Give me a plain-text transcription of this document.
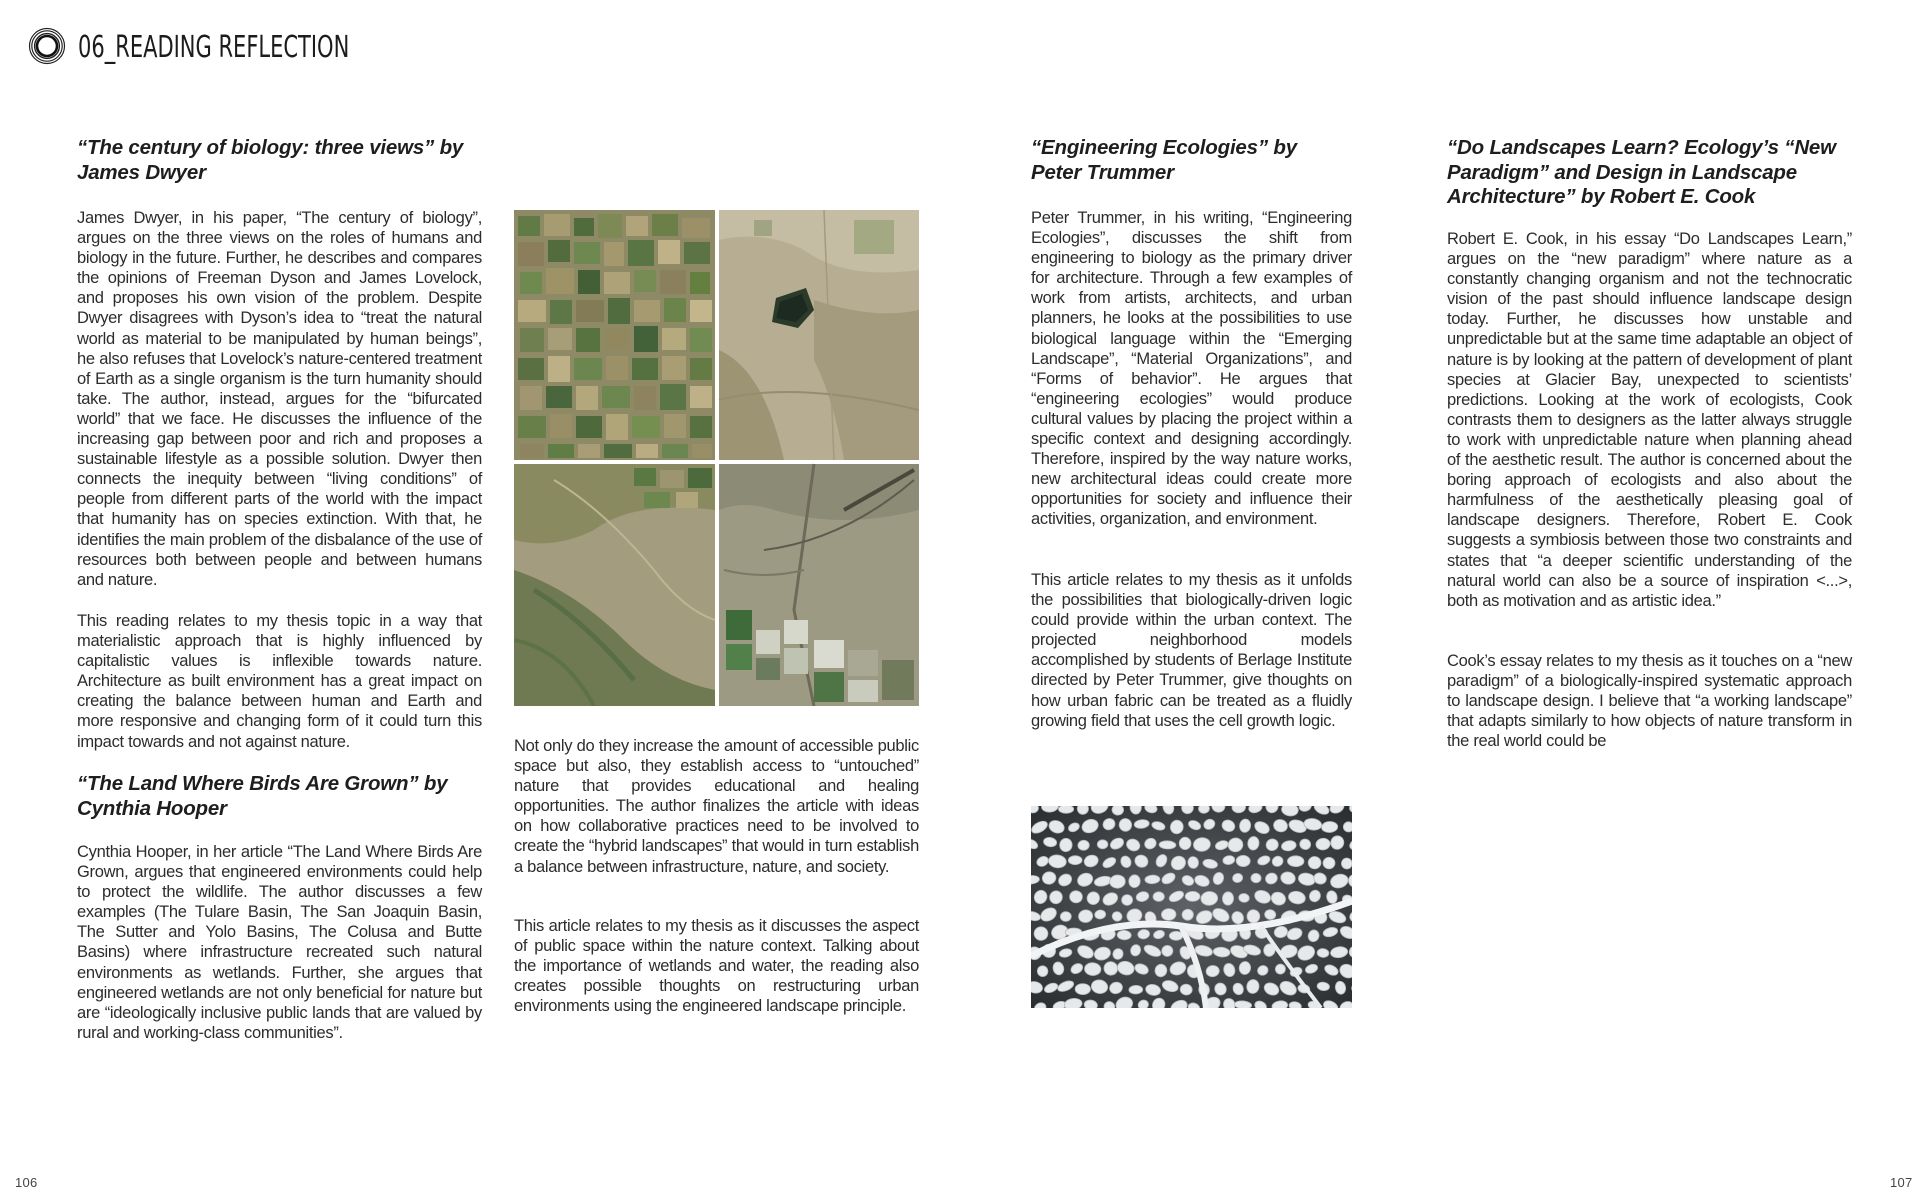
06_READING REFLECTION
“The century of biology: three views” by James Dwyer

James Dwyer, in his paper, “The century of biology”, argues on the three views on the roles of humans and biology in the future. Further, he describes and compares the opinions of Freeman Dyson and James Lovelock, and proposes his own vision of the problem. Despite Dwyer disagrees with Dyson’s idea to “treat the natural world as material to be manipulated by human beings”, he also refuses that Lovelock’s nature-centered treatment of Earth as a single organism is the turn humanity should take. The author, instead, argues for the “bifurcated world” that we face. He discusses the influence of the increasing gap between poor and rich and proposes a sustainable lifestyle as a possible solution. Dwyer then connects the inequity between “living conditions” of people from different parts of the world with the impact that humanity has on species extinction. With that, he identifies the main problem of the disbalance of the use of resources both between people and between humans and nature.

This reading relates to my thesis topic in a way that materialistic approach that is highly influenced by capitalistic values is inflexible towards nature. Architecture as built environment has a great impact on creating the balance between human and Earth and more responsive and changing form of it could turn this impact towards and not against nature.

“The Land Where Birds Are Grown” by Cynthia Hooper

Cynthia Hooper, in her article “The Land Where Birds Are Grown, argues that engineered environments could help to protect the wildlife. The author discusses a few examples (The Tulare Basin, The San Joaquin Basin, The Sutter and Yolo Basins, The Colusa and Butte Basins) where infrastructure recreated such natural environments as wetlands. Further, she argues that engineered wetlands are not only beneficial for nature but are “ideologically inclusive public lands that are valued by rural and working-class communities”.

Not only do they increase the amount of accessible public space but also, they establish access to “untouched” nature that provides educational and healing opportunities. The author finalizes the article with ideas on how collaborative practices need to be involved to create the “hybrid landscapes” that would in turn establish a balance between infrastructure, nature, and society.

This article relates to my thesis as it discusses the aspect of public space within the nature context. Talking about the importance of wetlands and water, the reading also creates possible thoughts on restructuring urban environments using the engineered landscape principle.

“Engineering Ecologies” by Peter Trummer

Peter Trummer, in his writing, “Engineering Ecologies”, discusses the shift from engineering to biology as the primary driver for architecture. Through a few examples of work from artists, architects, and urban planners, he looks at the possibilities to use biological language within the “Emerging Landscape”, “Material Organizations”, and “Forms of behavior”. He argues that “engineering ecologies” would produce cultural values by placing the project within a specific context and designing accordingly. Therefore, inspired by the way nature works, new architectural ideas could create more opportunities for society and influence their activities, organization, and environment.

This article relates to my thesis as it unfolds the possibilities that biologically-driven logic could provide within the urban context. The projected neighborhood models accomplished by students of Berlage Institute directed by Peter Trummer, give thoughts on how urban fabric can be treated as a fluidly growing field that uses the cell growth logic.

“Do Landscapes Learn? Ecology’s “New Paradigm” and Design in Landscape Architecture” by Robert E. Cook

Robert E. Cook, in his essay “Do Landscapes Learn,” argues on the “new paradigm” where nature as a constantly changing organism and not the technocratic vision of the past should influence landscape design today. Further, he discusses how unstable and unpredictable but at the same time adaptable an object of nature is by looking at the pattern of development of plant species at Glacier Bay, unexpected to scientists’ predictions. Looking at the work of ecologists, Cook contrasts them to designers as the latter always struggle to work with unpredictable nature when planning ahead of the aesthetic result. The author is concerned about the boring approach of ecologists and also about the harmfulness of the aesthetically pleasing goal of landscape designers. Therefore, Robert E. Cook suggests a symbiosis between those two constraints and states that “a deeper scientific understanding of the natural world can also be a source of inspiration <...>, both as motivation and as artistic idea.”

Cook’s essay relates to my thesis as it touches on a “new paradigm” of a biologically-inspired systematic approach to landscape design. I believe that “a working landscape” that adapts similarly to how objects of nature transform in the real world could be

106	107
